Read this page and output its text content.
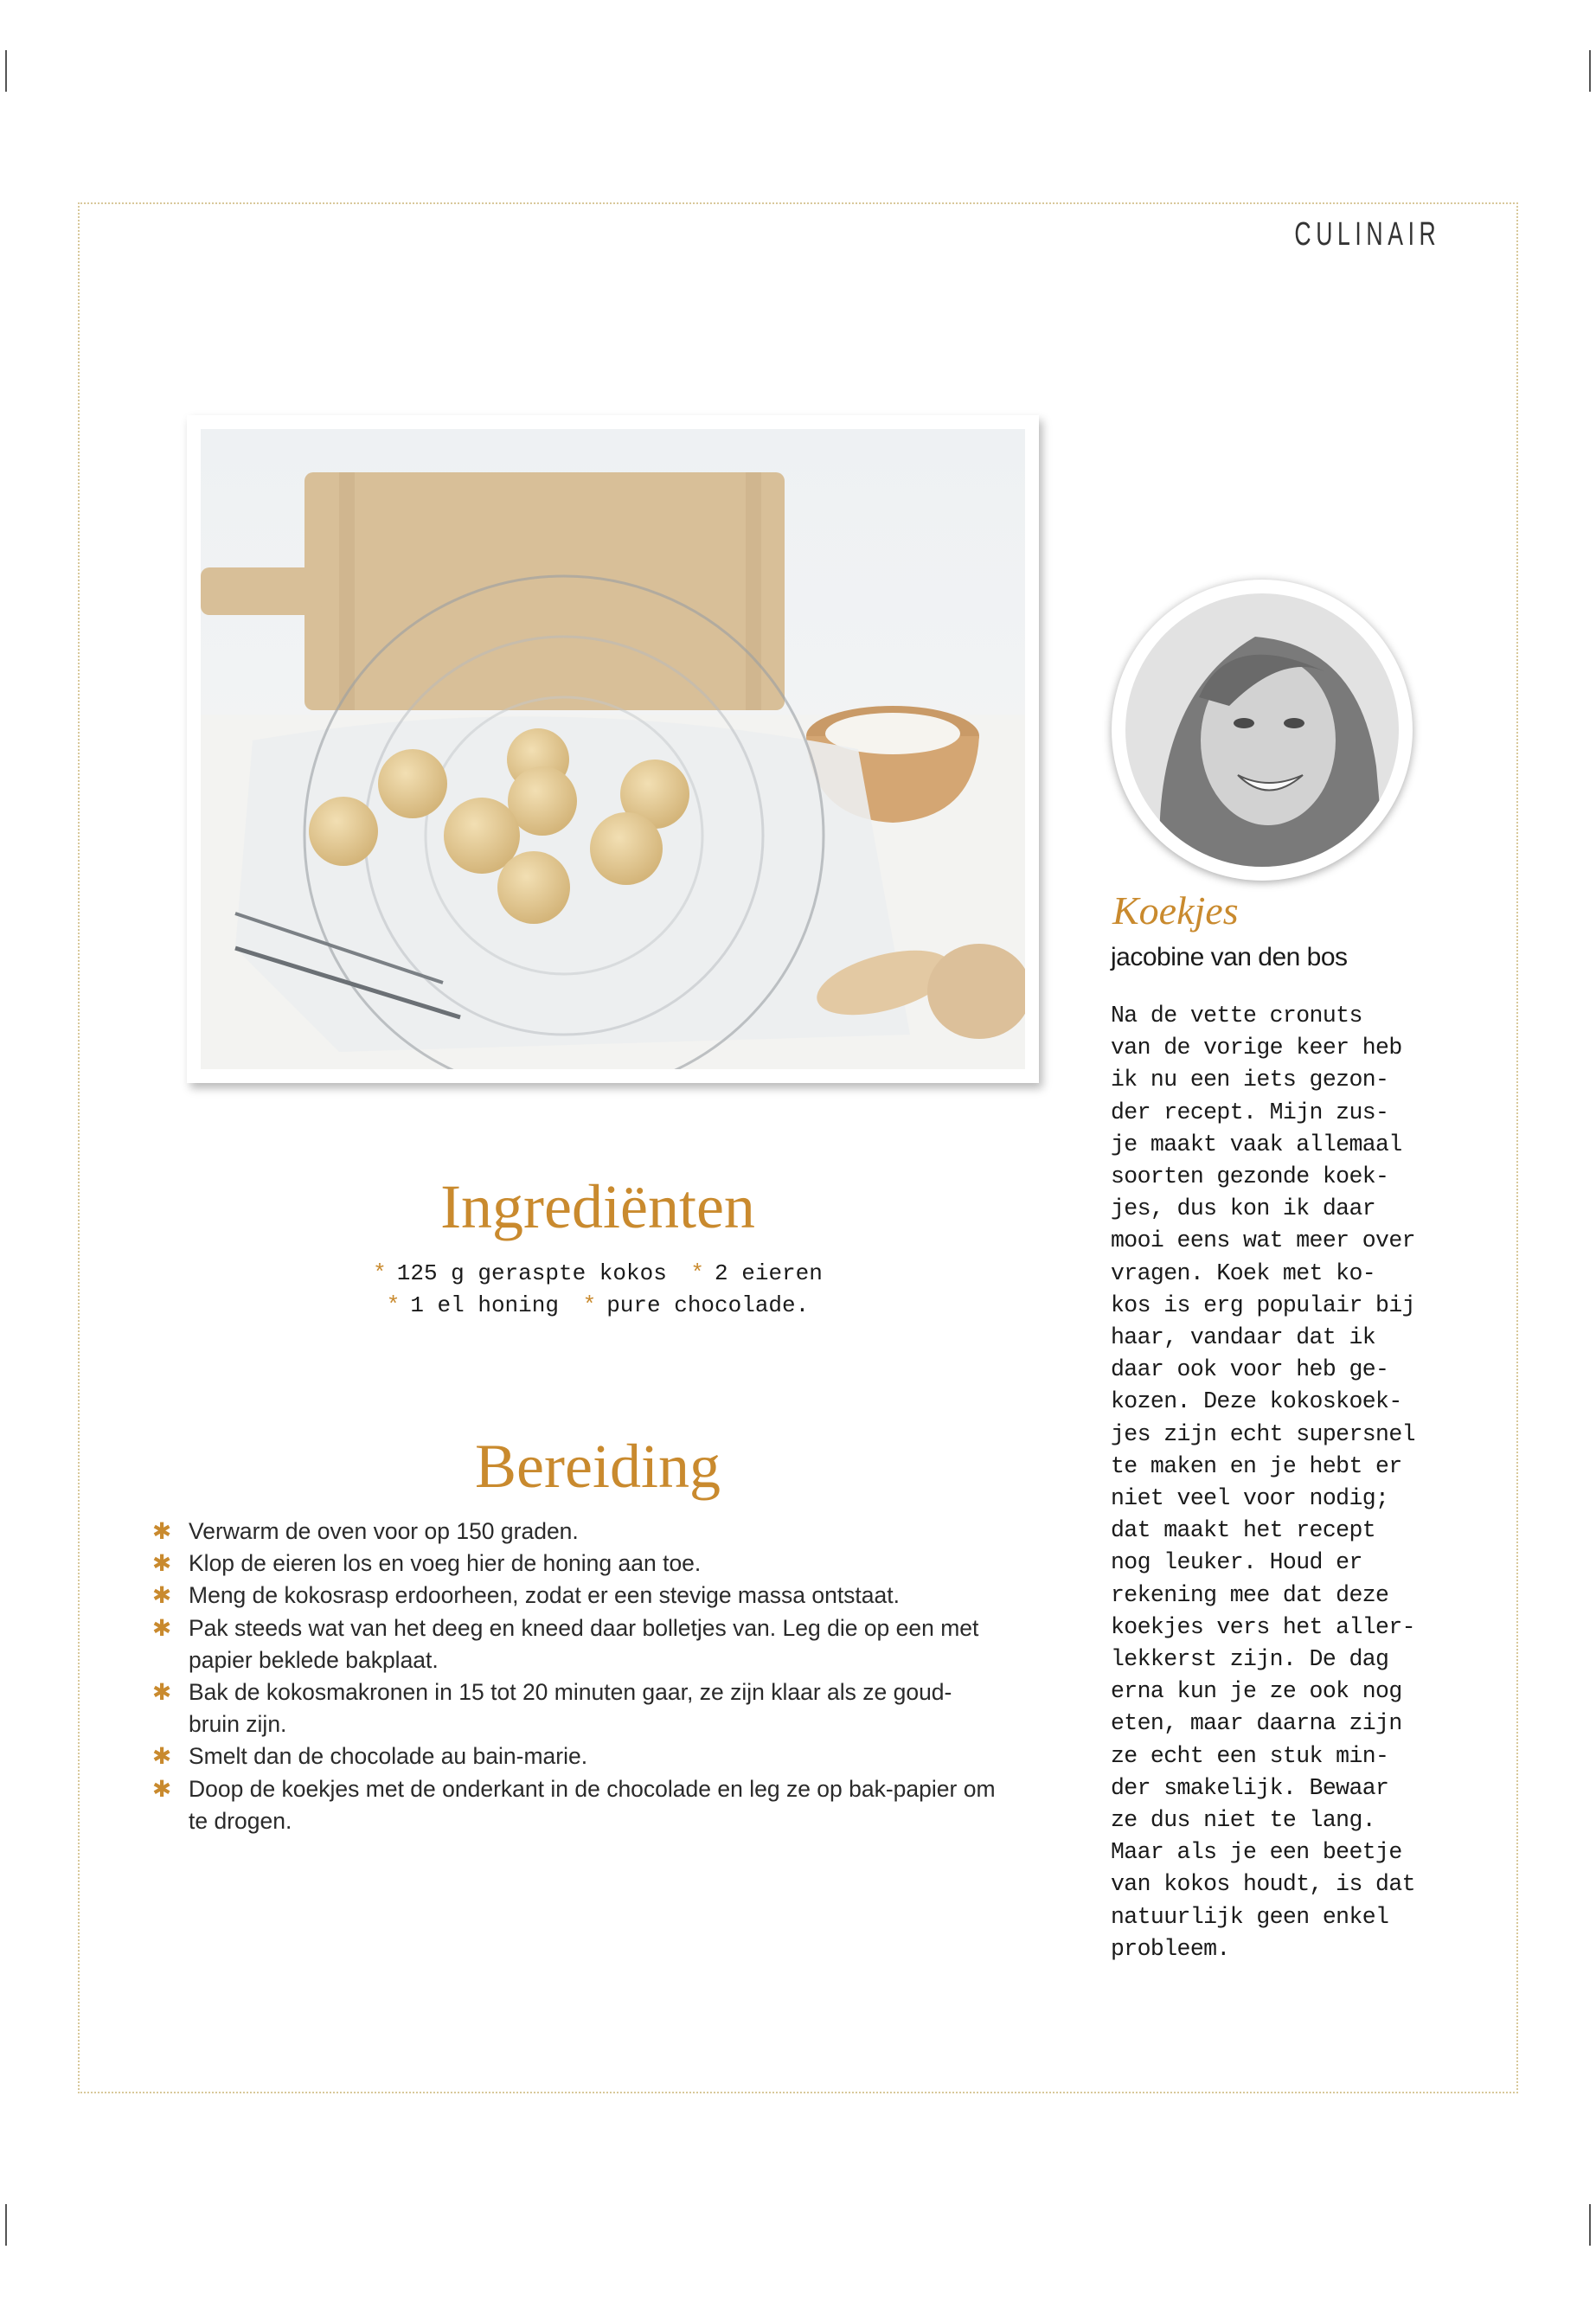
CULINAIR
Koekjes
jacobine van den bos
Na de vette cronuts
van de vorige keer heb
ik nu een iets gezon-
der recept. Mijn zus-
je maakt vaak allemaal
soorten gezonde koek-
jes, dus kon ik daar
mooi eens wat meer over
vragen. Koek met ko-
kos is erg populair bij
haar, vandaar dat ik
daar ook voor heb ge-
kozen. Deze kokoskoek-
jes zijn echt supersnel
te maken en je hebt er
niet veel voor nodig;
dat maakt het recept
nog leuker. Houd er
rekening mee dat deze
koekjes vers het aller-
lekkerst zijn. De dag
erna kun je ze ook nog
eten, maar daarna zijn
ze echt een stuk min-
der smakelijk. Bewaar
ze dus niet te lang.
Maar als je een beetje
van kokos houdt, is dat
natuurlijk geen enkel
probleem.
Ingrediënten
* 125 g geraspte kokos * 2 eieren
* 1 el honing * pure chocolade.
Bereiding
✱ Verwarm de oven voor op 150 graden.
✱ Klop de eieren los en voeg hier de honing aan toe.
✱ Meng de kokosrasp erdoorheen, zodat er een stevige massa ontstaat.
✱ Pak steeds wat van het deeg en kneed daar bolletjes van. Leg die op een met papier beklede bakplaat.
✱ Bak de kokosmakronen in 15 tot 20 minuten gaar, ze zijn klaar als ze goud-bruin zijn.
✱ Smelt dan de chocolade au bain-marie.
✱ Doop de koekjes met de onderkant in de chocolade en leg ze op bak-papier om te drogen.
